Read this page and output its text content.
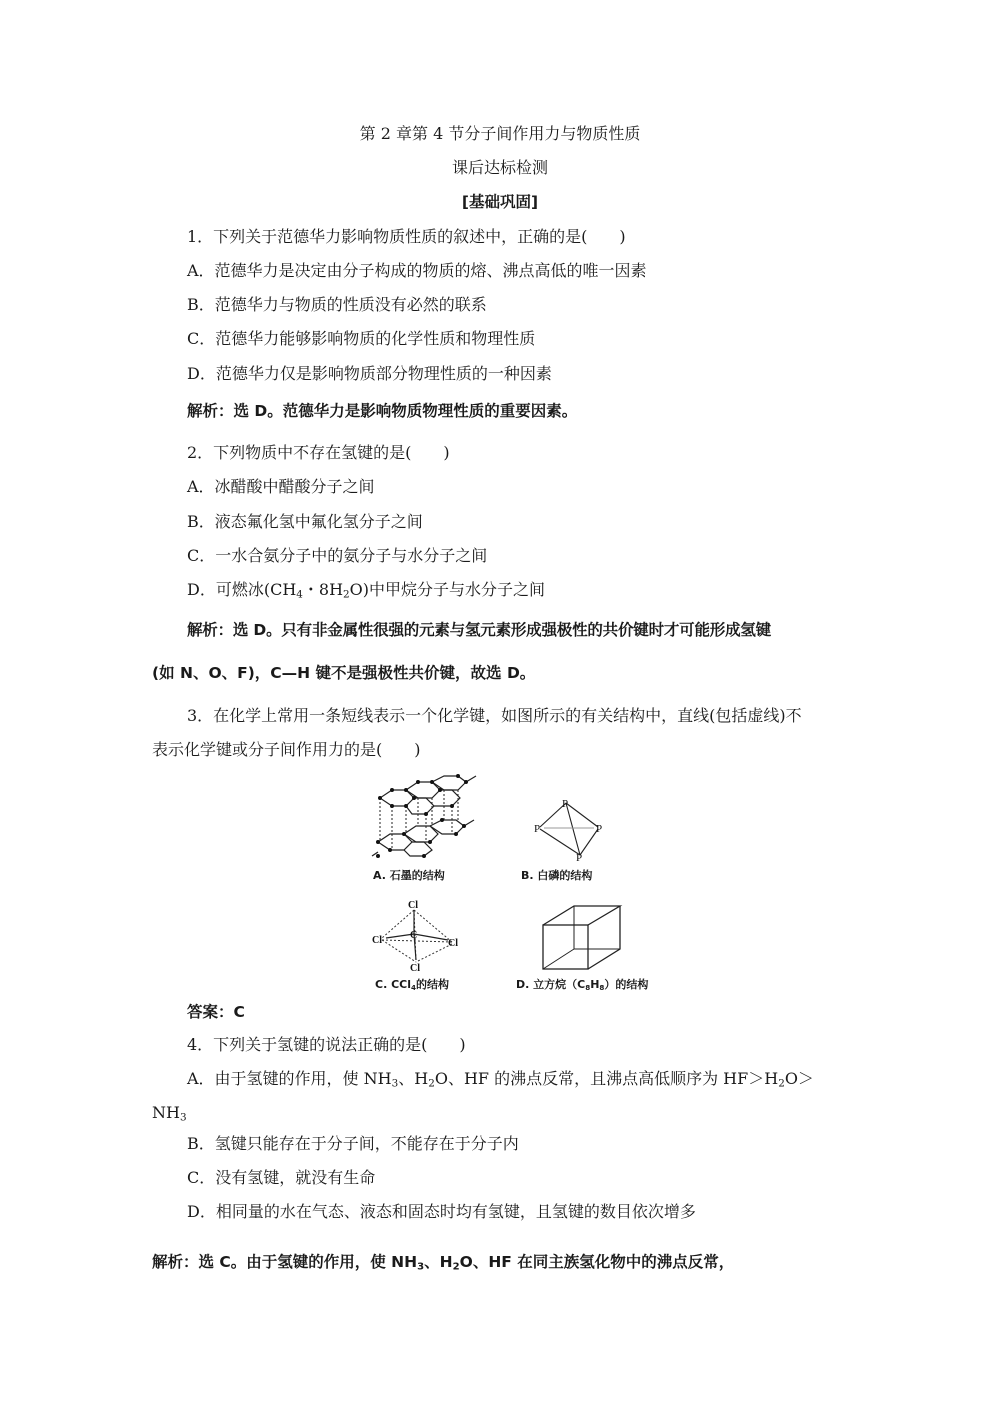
第 2 章第 4 节分子间作用力与物质性质
课后达标检测
[基础巩固]
1．下列关于范德华力影响物质性质的叙述中，正确的是(　　)
A．范德华力是决定由分子构成的物质的熔、沸点高低的唯一因素
B．范德华力与物质的性质没有必然的联系
C．范德华力能够影响物质的化学性质和物理性质
D．范德华力仅是影响物质部分物理性质的一种因素
解析：选 D。范德华力是影响物质物理性质的重要因素。
2．下列物质中不存在氢键的是(　　)
A．冰醋酸中醋酸分子之间
B．液态氟化氢中氟化氢分子之间
C．一水合氨分子中的氨分子与水分子之间
D．可燃冰($CH_4$・$8H_2O$)中甲烷分子与水分子之间
解析：选 D。只有非金属性很强的元素与氢元素形成强极性的共价键时才可能形成氢键
(如 N、O、F)，C—H 键不是强极性共价键，故选 D。
3．在化学上常用一条短线表示一个化学键，如图所示的有关结构中，直线(包括虚线)不
表示化学键或分子间作用力的是(　　)
A. 石墨的结构
P
P	P
P
B. 白磷的结构
Cl
Cl	Cl
Cl
C
C. CCl$_4$的结构	D. 立方烷$(C_8H_8)$的结构
答案：C
4．下列关于氢键的说法正确的是(　　)
A．由于氢键的作用，使 $NH_3$、$H_2O$、HF 的沸点反常，且沸点高低顺序为 $HF>H_2O>$
$NH_3$
B．氢键只能存在于分子间，不能存在于分子内
C．没有氢键，就没有生命
D．相同量的水在气态、液态和固态时均有氢键，且氢键的数目依次增多
解析：选 C。由于氢键的作用，使 $NH_3$、$H_2O$、HF 在同主族氢化物中的沸点反常，
